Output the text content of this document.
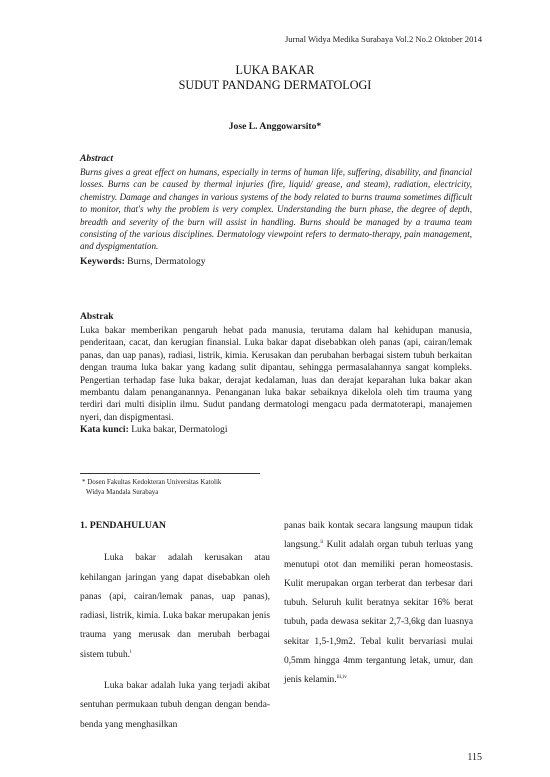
Jurnal Widya Medika Surabaya Vol.2 No.2 Oktober 2014
LUKA BAKAR
SUDUT PANDANG DERMATOLOGI
Jose L. Anggowarsito*

Abstract

Burns gives a great effect on humans, especially in terms of human life, suffering, disability, and financial losses. Burns can be caused by thermal injuries (fire, liquid/ grease, and steam), radiation, electricity, chemistry. Damage and changes in various systems of the body related to burns trauma sometimes difficult to monitor, that's why the problem is very complex. Understanding the burn phase, the degree of depth, breadth and severity of the burn will assist in handling. Burns should be managed by a trauma team consisting of the various disciplines. Dermatology viewpoint refers to dermato-therapy, pain management, and dyspigmentation.

Keywords: Burns, Dermatology

Abstrak

Luka bakar memberikan pengaruh hebat pada manusia, terutama dalam hal kehidupan manusia, penderitaan, cacat, dan kerugian finansial. Luka bakar dapat disebabkan oleh panas (api, cairan/lemak panas, dan uap panas), radiasi, listrik, kimia. Kerusakan dan perubahan berbagai sistem tubuh berkaitan dengan trauma luka bakar yang kadang sulit dipantau, sehingga permasalahannya sangat kompleks. Pengertian terhadap fase luka bakar, derajat kedalaman, luas dan derajat keparahan luka bakar akan membantu dalam penanganannya. Penanganan luka bakar sebaiknya dikelola oleh tim trauma yang terdiri dari multi disiplin ilmu. Sudut pandang dermatologi mengacu pada dermatoterapi, manajemen nyeri, dan dispigmentasi.

Kata kunci: Luka bakar, Dermatologi
* Dosen Fakultas Kedokteran Universitas Katolik
Widya Mandala Surabaya

1. PENDAHULUAN

Luka bakar adalah kerusakan atau kehilangan jaringan yang dapat disebabkan oleh panas (api, cairan/lemak panas, uap panas), radiasi, listrik, kimia. Luka bakar merupakan jenis trauma yang merusak dan merubah berbagai sistem tubuh.$^i$

Luka bakar adalah luka yang terjadi akibat sentuhan permukaan tubuh dengan dengan benda-benda yang menghasilkan

panas baik kontak secara langsung maupun tidak langsung.$^{ii}$ Kulit adalah organ tubuh terluas yang menutupi otot dan memiliki peran homeostasis. Kulit merupakan organ terberat dan terbesar dari tubuh. Seluruh kulit beratnya sekitar 16% berat tubuh, pada dewasa sekitar 2,7-3,6kg dan luasnya sekitar 1,5-1,9m2. Tebal kulit bervariasi mulai 0,5mm hingga 4mm tergantung letak, umur, dan jenis kelamin.$^{iii,iv}$

115
